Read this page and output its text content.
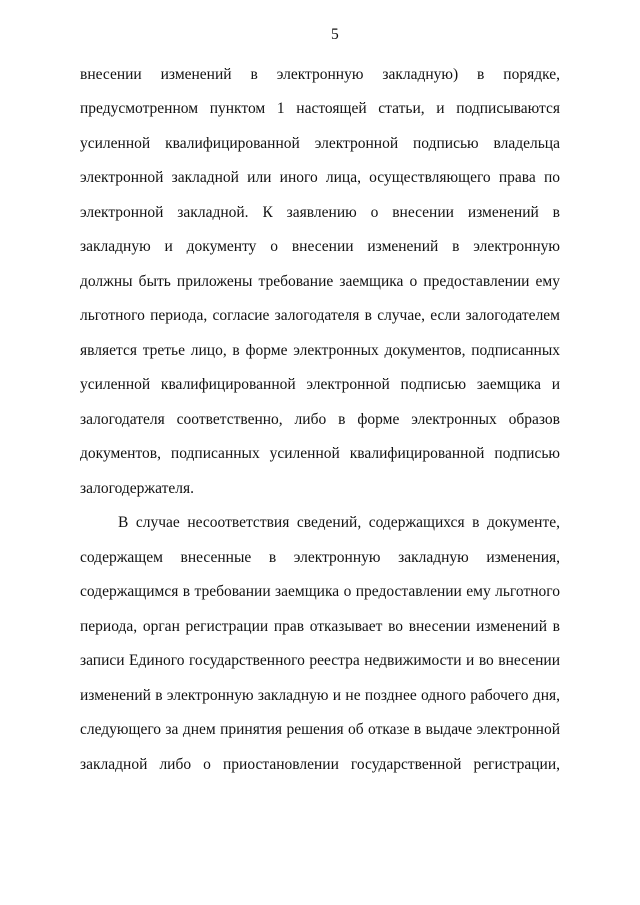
5
внесении изменений в электронную закладную) в порядке,
предусмотренном пунктом 1 настоящей статьи, и подписываются
усиленной квалифицированной электронной подписью владельца
электронной закладной или иного лица, осуществляющего права по
электронной закладной. К заявлению о внесении изменений в
закладную и документу о внесении изменений в электронную
должны быть приложены требование заемщика о предоставлении ему
льготного периода, согласие залогодателя в случае, если залогодателем
является третье лицо, в форме электронных документов, подписанных
усиленной квалифицированной электронной подписью заемщика и
залогодателя соответственно, либо в форме электронных образов
документов, подписанных усиленной квалифицированной подписью
залогодержателя.
В случае несоответствия сведений, содержащихся в документе,
содержащем внесенные в электронную закладную изменения,
содержащимся в требовании заемщика о предоставлении ему льготного
периода, орган регистрации прав отказывает во внесении изменений в
записи Единого государственного реестра недвижимости и во внесении
изменений в электронную закладную и не позднее одного рабочего дня,
следующего за днем принятия решения об отказе в выдаче электронной
закладной либо о приостановлении государственной регистрации,
